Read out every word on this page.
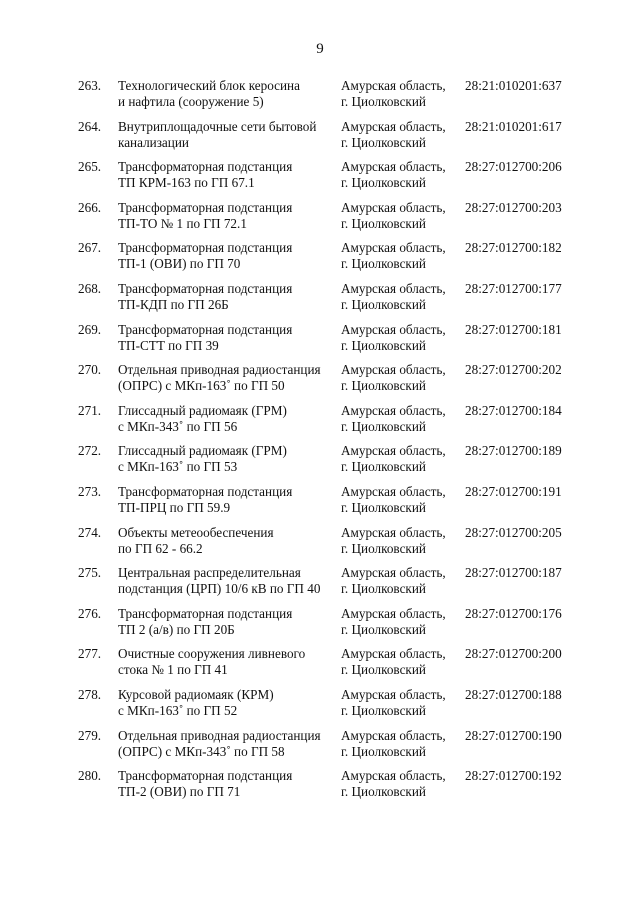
9
263.	Технологический блок керосина
и нафтила (сооружение 5)
Амурская область,
г. Циолковский
28:21:010201:637
264.	Внутриплощадочные сети бытовой
канализации
Амурская область,
г. Циолковский
28:21:010201:617
265.	Трансформаторная подстанция
ТП КРМ-163 по ГП 67.1
Амурская область,
г. Циолковский
28:27:012700:206
266.	Трансформаторная подстанция
ТП-ТО № 1 по ГП 72.1
Амурская область,
г. Циолковский
28:27:012700:203
267.	Трансформаторная подстанция
ТП-1 (ОВИ) по ГП 70
Амурская область,
г. Циолковский
28:27:012700:182
268.	Трансформаторная подстанция
ТП-КДП по ГП 26Б
Амурская область,
г. Циолковский
28:27:012700:177
269.	Трансформаторная подстанция
ТП-СТТ по ГП 39
Амурская область,
г. Циолковский
28:27:012700:181
270.	Отдельная приводная радиостанция
(ОПРС) с МКп-163˚ по ГП 50
Амурская область,
г. Циолковский
28:27:012700:202
271.	Глиссадный радиомаяк (ГРМ)
с МКп-343˚ по ГП 56
Амурская область,
г. Циолковский
28:27:012700:184
272.	Глиссадный радиомаяк (ГРМ)
с МКп-163˚ по ГП 53
Амурская область,
г. Циолковский
28:27:012700:189
273.	Трансформаторная подстанция
ТП-ПРЦ по ГП 59.9
Амурская область,
г. Циолковский
28:27:012700:191
274.	Объекты метеообеспечения
по ГП 62 - 66.2
Амурская область,
г. Циолковский
28:27:012700:205
275.	Центральная распределительная
подстанция (ЦРП) 10/6 кВ по ГП 40
Амурская область,
г. Циолковский
28:27:012700:187
276.	Трансформаторная подстанция
ТП 2 (а/в) по ГП 20Б
Амурская область,
г. Циолковский
28:27:012700:176
277.	Очистные сооружения ливневого
стока № 1 по ГП 41
Амурская область,
г. Циолковский
28:27:012700:200
278.	Курсовой радиомаяк (КРМ)
с МКп-163˚ по ГП 52
Амурская область,
г. Циолковский
28:27:012700:188
279.	Отдельная приводная радиостанция
(ОПРС) с МКп-343˚ по ГП 58
Амурская область,
г. Циолковский
28:27:012700:190
280.	Трансформаторная подстанция
ТП-2 (ОВИ) по ГП 71
Амурская область,
г. Циолковский
28:27:012700:192
